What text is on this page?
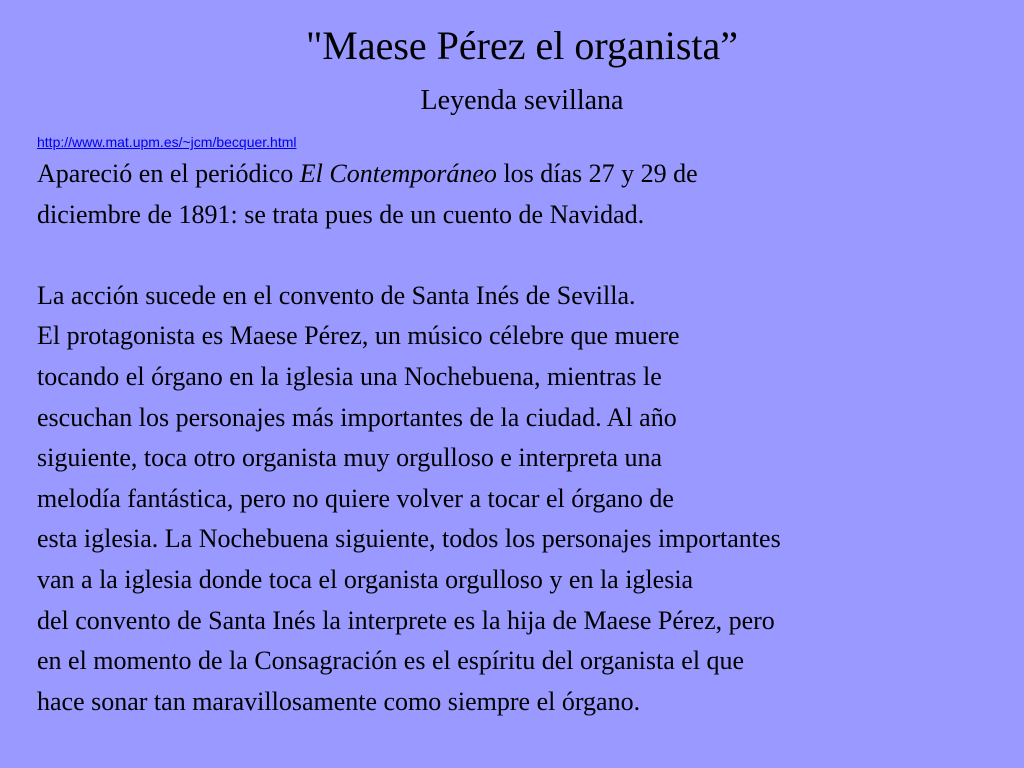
"Maese Pérez el organista”
Leyenda sevillana
http://www.mat.upm.es/~jcm/becquer.html
Apareció en el periódico El Contemporáneo los días 27 y 29 de
diciembre de 1891: se trata pues de un cuento de Navidad.
La acción sucede en el convento de Santa Inés de Sevilla.
El protagonista es Maese Pérez, un músico célebre que muere
tocando el órgano en la iglesia una Nochebuena, mientras le
escuchan los personajes más importantes de la ciudad. Al año
siguiente, toca otro organista muy orgulloso e interpreta una
melodía fantástica, pero no quiere volver a tocar el órgano de
esta iglesia. La Nochebuena siguiente, todos los personajes importantes
van a la iglesia donde toca el organista orgulloso y en la iglesia
del convento de Santa Inés la interprete es la hija de Maese Pérez, pero
en el momento de la Consagración es el espíritu del organista el que
hace sonar tan maravillosamente como siempre el órgano.
